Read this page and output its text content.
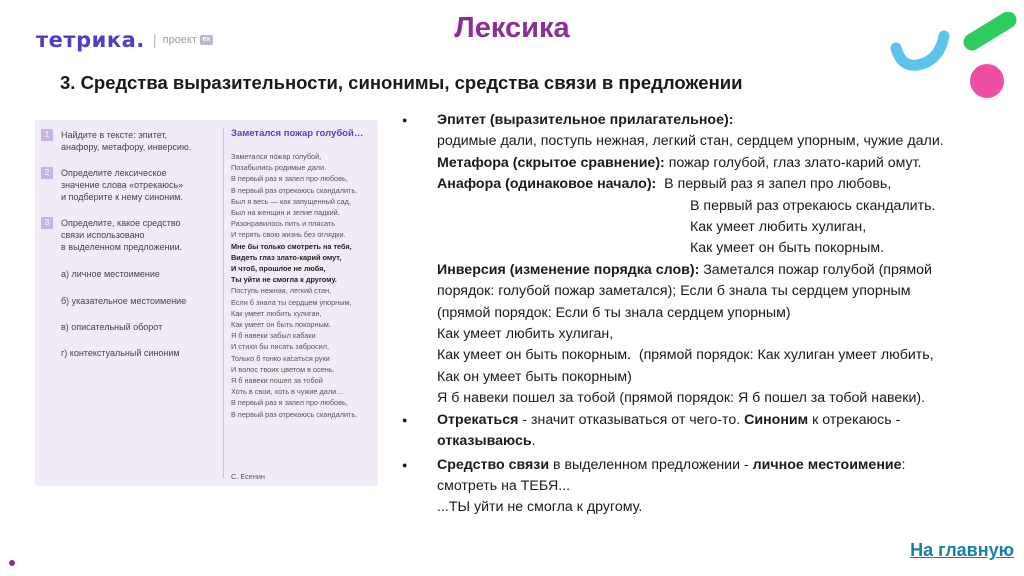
тетрика. | проект ex	Лексика
3. Средства выразительности, синонимы, средства связи в предложении
1	Найдите в тексте: эпитет,
анафору, метафору, инверсию.
2	Определите лексическое
значение слова «отрекаюсь»
и подберите к нему синоним.
3	Определите, какое средство
связи использовано
в выделенном предложении.
а) личное местоимение
б) указательное местоимение
в) описательный оборот
г) контекстуальный синоним
Заметался пожар голубой…
Заметался пожар голубой,
Позабылись родимые дали.
В первый раз я запел про любовь,
В первый раз отрекаюсь скандалить.
Был я весь — как запущенный сад,
Был на женщин и зелие падкий.
Разонравилось пить и плясать
И терять свою жизнь без оглядки.
Мне бы только смотреть на тебя,
Видеть глаз злато-карий омут,
И чтоб, прошлое не любя,
Ты уйти не смогла к другому.
Поступь нежная, легкий стан,
Если б знала ты сердцем упорным,
Как умеет любить хулиган,
Как умеет он быть покорным.
Я б навеки забыл кабаки
И стихи бы писать забросил,
Только б тонко касаться руки
И волос твоих цветом в осень.
Я б навеки пошел за тобой
Хоть в свои, хоть в чужие дали…
В первый раз я запел про любовь,
В первый раз отрекаюсь скандалить.
С. Есенин
● Эпитет (выразительное прилагательное):
родимые дали, поступь нежная, легкий стан, сердцем упорным, чужие дали.
Метафора (скрытое сравнение): пожар голубой, глаз злато-карий омут.
Анафора (одинаковое начало):  В первый раз я запел про любовь,
В первый раз отрекаюсь скандалить.
Как умеет любить хулиган,
Как умеет он быть покорным.
Инверсия (изменение порядка слов): Заметался пожар голубой (прямой
порядок: голубой пожар заметался); Если б знала ты сердцем упорным
(прямой порядок: Если б ты знала сердцем упорным)
Как умеет любить хулиган,
Как умеет он быть покорным.  (прямой порядок: Как хулиган умеет любить,
Как он умеет быть покорным)
Я б навеки пошел за тобой (прямой порядок: Я б пошел за тобой навеки).
● Отрекаться - значит отказываться от чего-то. Синоним к отрекаюсь -
отказываюсь.
● Средство связи в выделенном предложении - личное местоимение:
смотреть на ТЕБЯ...
...ТЫ уйти не смогла к другому.
На главную
